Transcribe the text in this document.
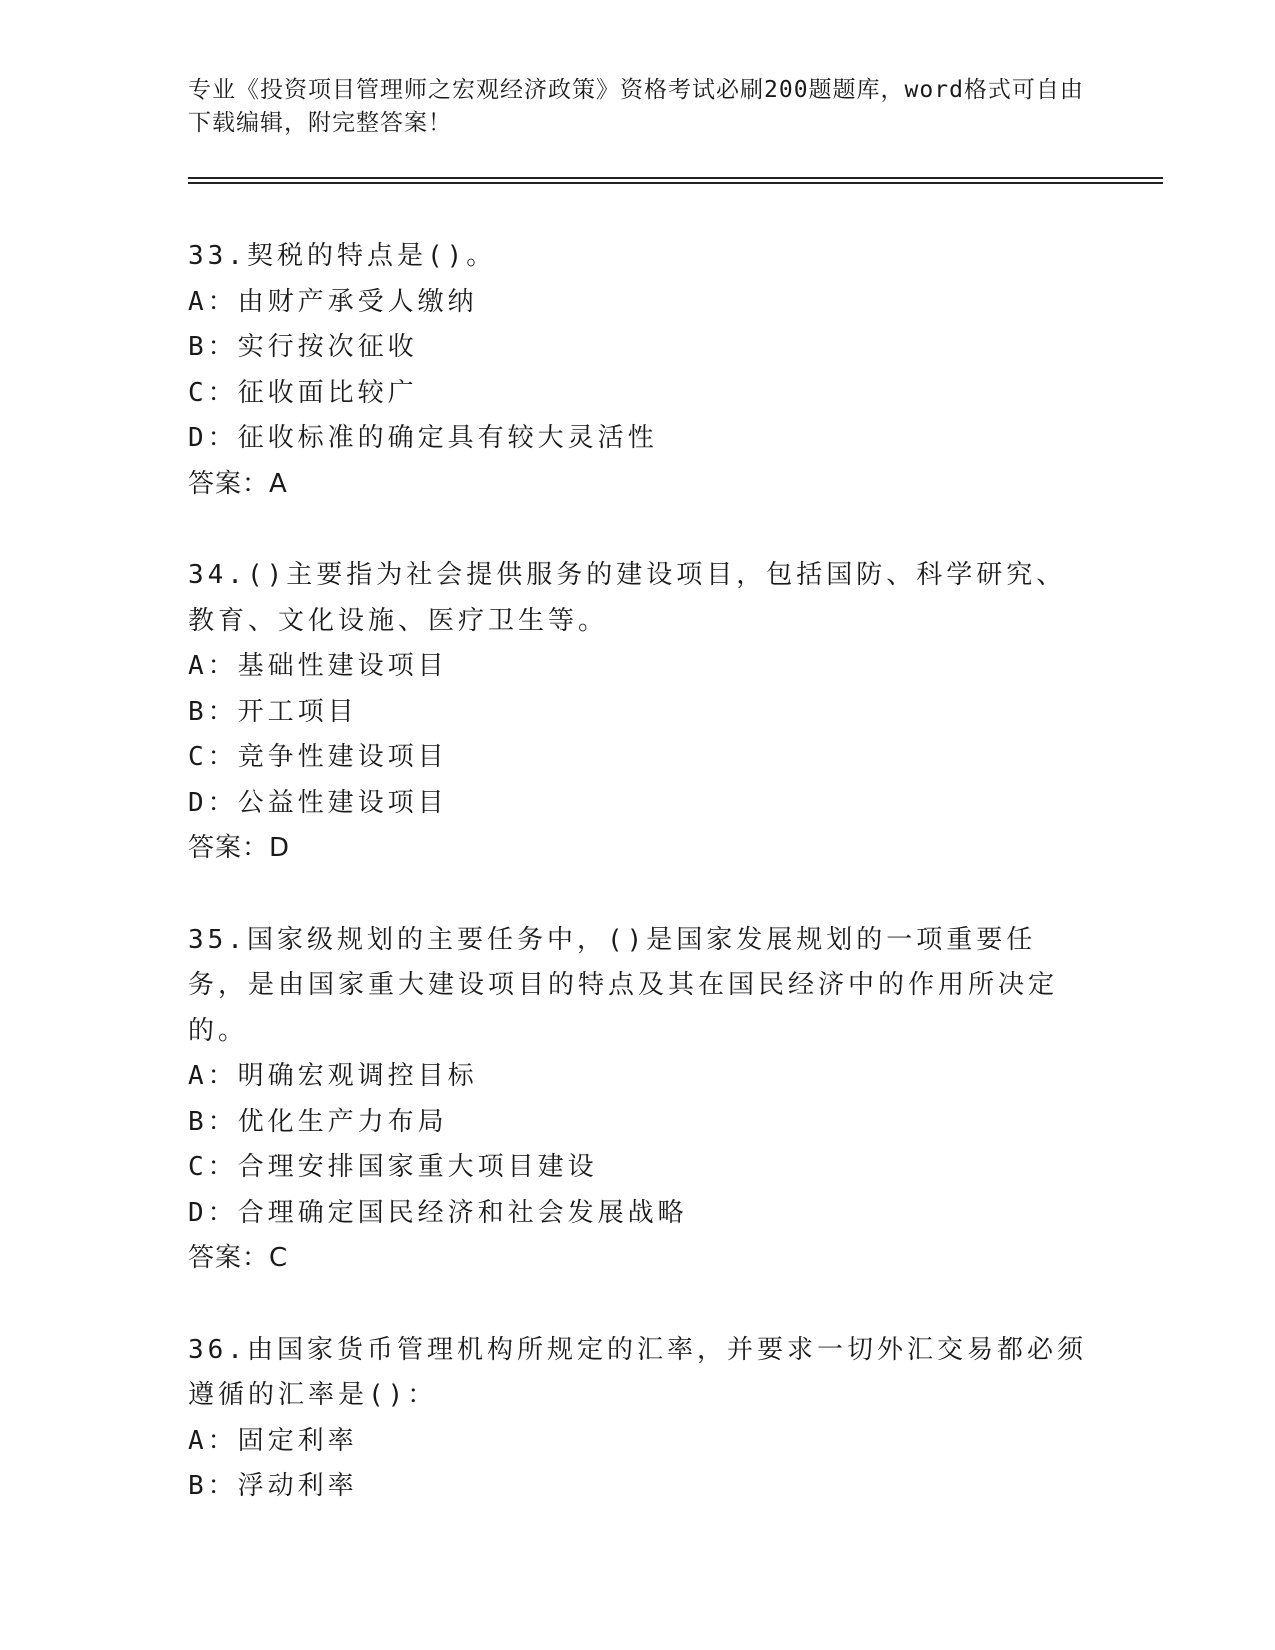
专业《投资项目管理师之宏观经济政策》资格考试必刷200题题库，word格式可自由下载编辑，附完整答案！
33.契税的特点是()。
A：由财产承受人缴纳
B：实行按次征收
C：征收面比较广
D：征收标准的确定具有较大灵活性
答案：A
34.()主要指为社会提供服务的建设项目，包括国防、科学研究、教育、文化设施、医疗卫生等。
A：基础性建设项目
B：开工项目
C：竞争性建设项目
D：公益性建设项目
答案：D
35.国家级规划的主要任务中，()是国家发展规划的一项重要任务，是由国家重大建设项目的特点及其在国民经济中的作用所决定的。
A：明确宏观调控目标
B：优化生产力布局
C：合理安排国家重大项目建设
D：合理确定国民经济和社会发展战略
答案：C
36.由国家货币管理机构所规定的汇率，并要求一切外汇交易都必须遵循的汇率是()：
A：固定利率
B：浮动利率
